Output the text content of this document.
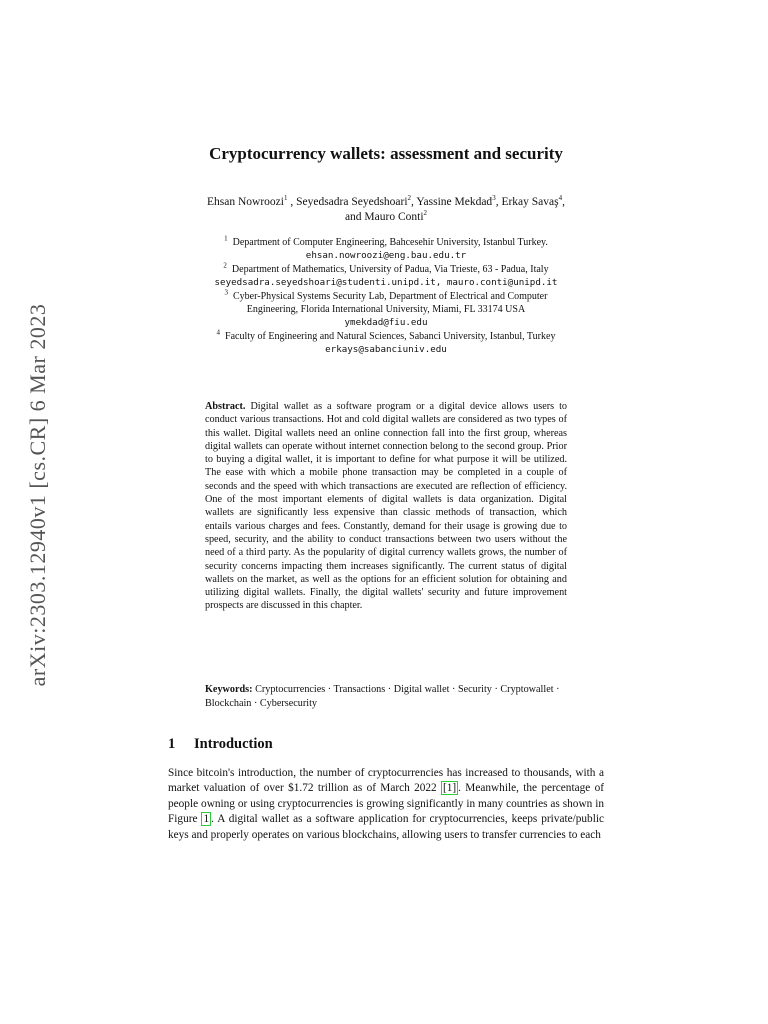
arXiv:2303.12940v1 [cs.CR] 6 Mar 2023
Cryptocurrency wallets: assessment and security
Ehsan Nowroozi$^1$ , Seyedsadra Seyedshoari$^2$, Yassine Mekdad$^3$, Erkay Savaş$^4$,
and Mauro Conti$^2$
$^1$ Department of Computer Engineering, Bahcesehir University, Istanbul Turkey.
ehsan.nowroozi@eng.bau.edu.tr
$^2$ Department of Mathematics, University of Padua, Via Trieste, 63 - Padua, Italy
seyedsadra.seyedshoari@studenti.unipd.it, mauro.conti@unipd.it
$^3$ Cyber-Physical Systems Security Lab, Department of Electrical and Computer
Engineering, Florida International University, Miami, FL 33174 USA
ymekdad@fiu.edu
$^4$ Faculty of Engineering and Natural Sciences, Sabanci University, Istanbul, Turkey
erkays@sabanciuniv.edu
Abstract. Digital wallet as a software program or a digital device allows users to conduct various transactions. Hot and cold digital wallets are considered as two types of this wallet. Digital wallets need an online connection fall into the first group, whereas digital wallets can operate without internet connection belong to the second group. Prior to buying a digital wallet, it is important to define for what purpose it will be utilized. The ease with which a mobile phone transaction may be completed in a couple of seconds and the speed with which transactions are executed are reflection of efficiency. One of the most important elements of digital wallets is data organization. Digital wallets are significantly less expensive than classic methods of transaction, which entails various charges and fees. Constantly, demand for their usage is growing due to speed, security, and the ability to conduct transactions between two users without the need of a third party. As the popularity of digital currency wallets grows, the number of security concerns impacting them increases significantly. The current status of digital wallets on the market, as well as the options for an efficient solution for obtaining and utilizing digital wallets. Finally, the digital wallets' security and future improvement prospects are discussed in this chapter.
Keywords: Cryptocurrencies · Transactions · Digital wallet · Security · Cryptowallet · Blockchain · Cybersecurity
1 Introduction
Since bitcoin's introduction, the number of cryptocurrencies has increased to thousands, with a market valuation of over $1.72 trillion as of March 2022 [1] . Meanwhile, the percentage of people owning or using cryptocurrencies is growing significantly in many countries as shown in Figure 1 . A digital wallet as a software application for cryptocurrencies, keeps private/public keys and properly operates on various blockchains, allowing users to transfer currencies to each
